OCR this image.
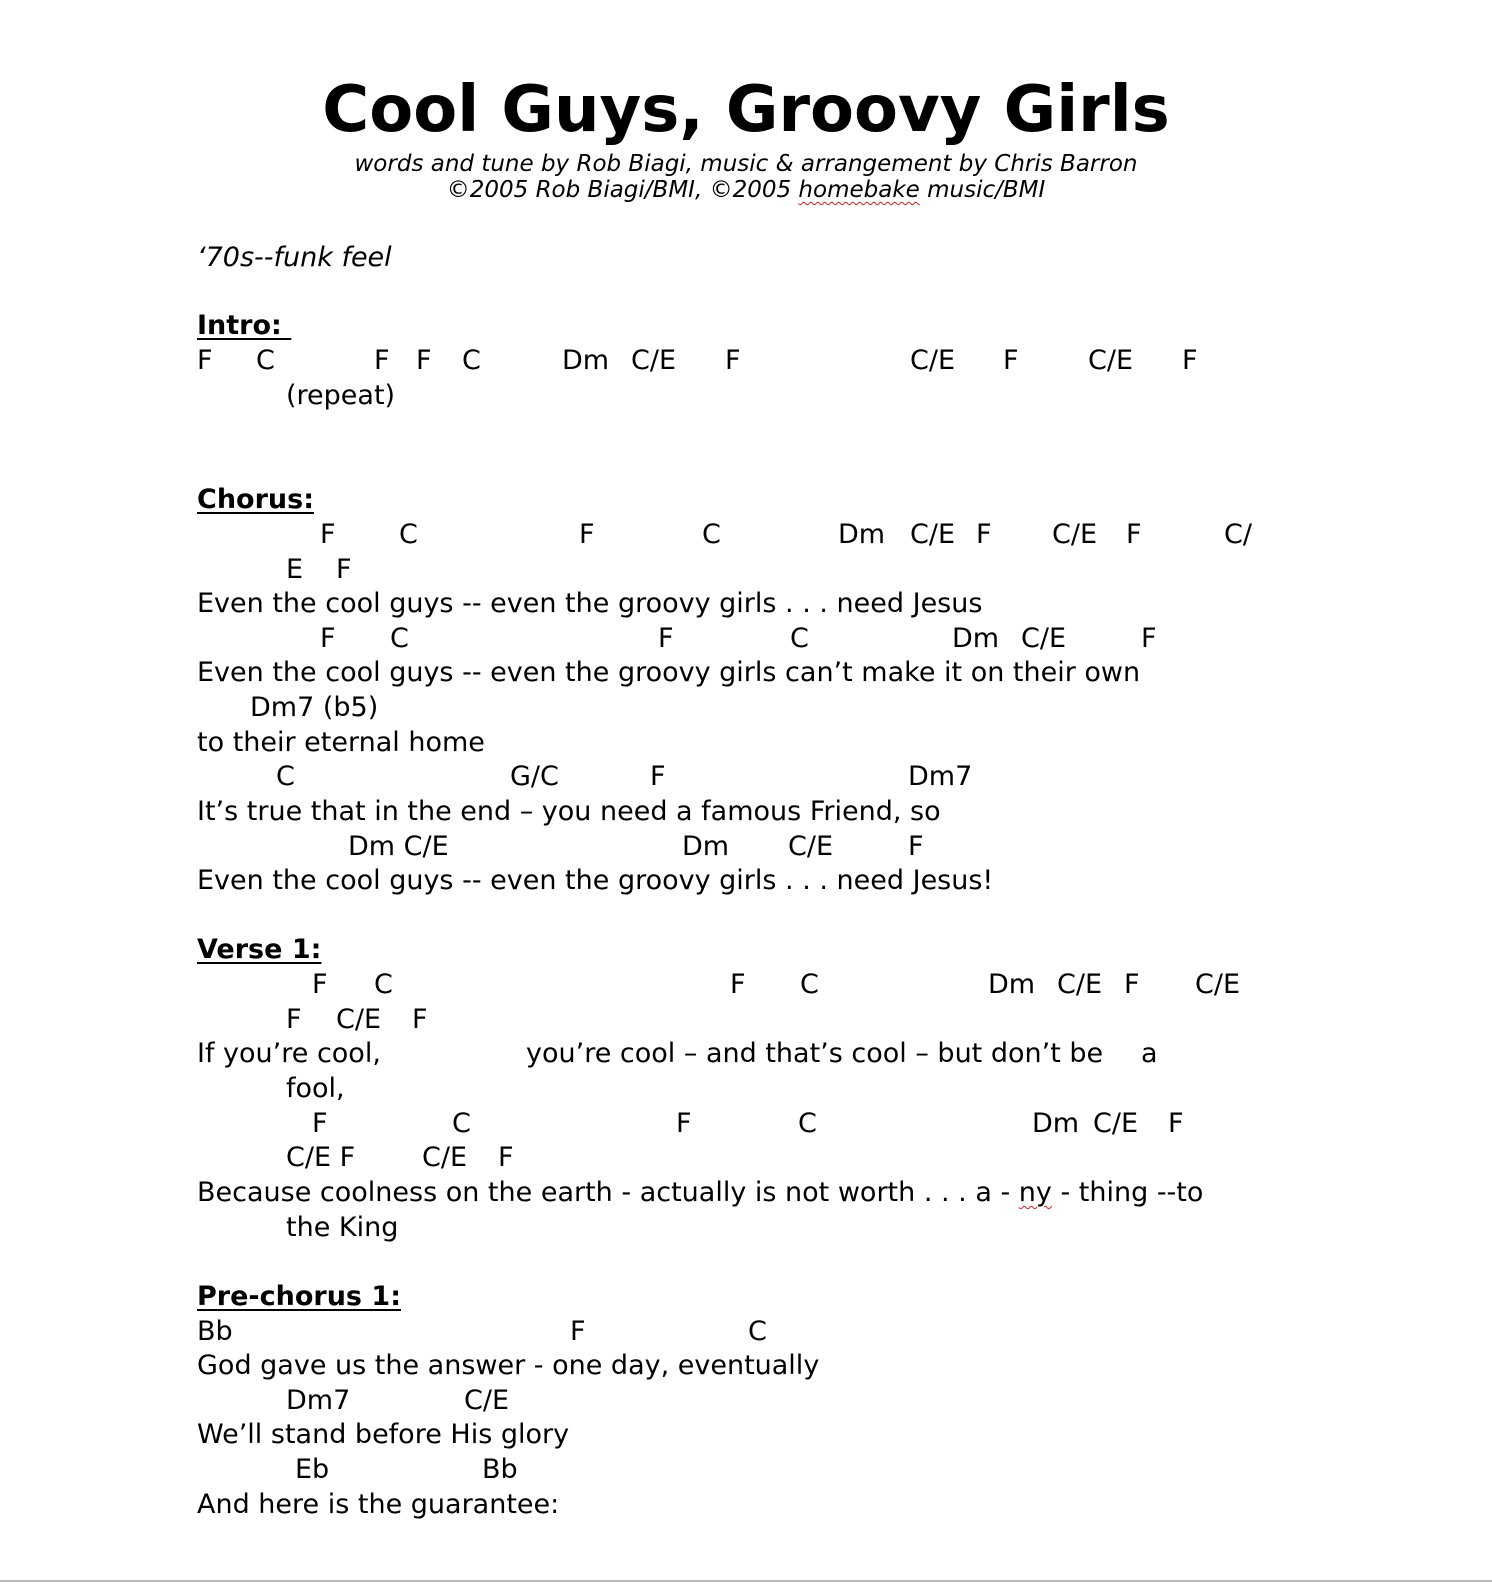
Cool Guys, Groovy Girls
words and tune by Rob Biagi, music & arrangement by Chris Barron
©2005 Rob Biagi/BMI, ©2005 homebake music/BMI
‘70s--funk feel
Intro:
F C	F F C	Dm C/E F	C/E F	C/E F
(repeat)
Chorus:
F C	F	C	Dm C/E F C/E F	C/
E F
Even the cool guys -- even the groovy girls . . . need Jesus
F C	F	C	Dm C/E	F
Even the cool guys -- even the groovy girls can’t make it on their own
Dm7 (b5)
to their eternal home
C	G/C	F	Dm7
It’s true that in the end – you need a famous Friend, so
Dm C/E	Dm C/E	F
Even the cool guys -- even the groovy girls . . . need Jesus!
Verse 1:
F C	F C	Dm C/E F C/E
F C/E F
If you’re cool,	you’re cool – and that’s cool – but don’t be a
fool,
F	C	F	C	Dm C/E F
C/E F C/E F
Because coolness on the earth - actually is not worth . . . a - ny - thing --to
the King
Pre-chorus 1:
Bb	F	C
God gave us the answer - one day, eventually
Dm7	C/E
We’ll stand before His glory
Eb	Bb
And here is the guarantee:
